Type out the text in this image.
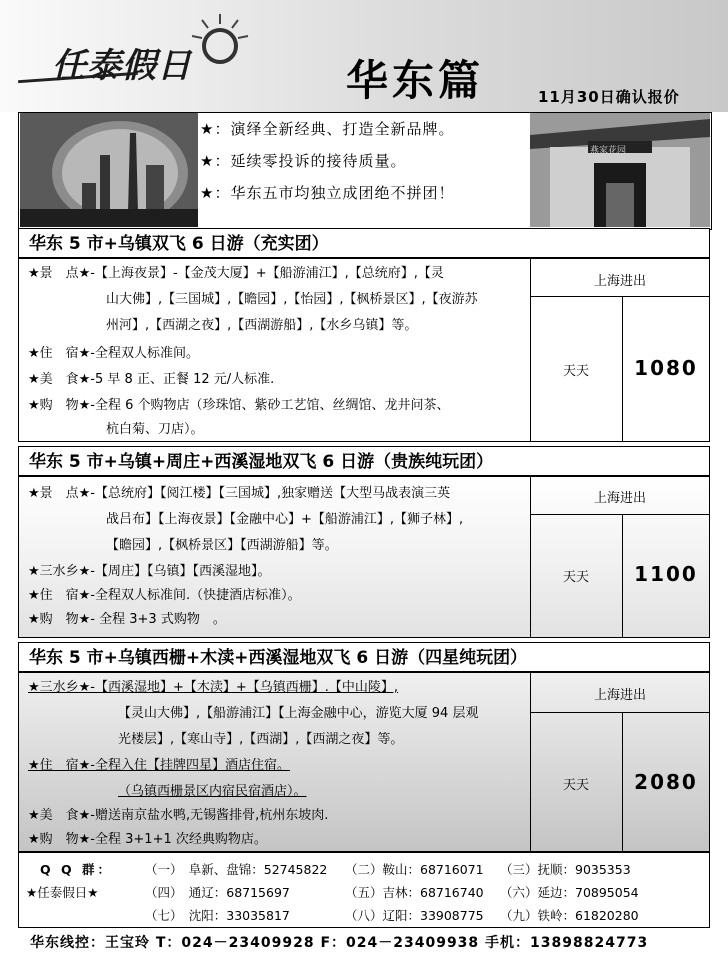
任泰假日	华东篇	11月30日确认报价
燕家花园
★：演绎全新经典、打造全新品牌。
★：延续零投诉的接待质量。
★：华东五市均独立成团绝不拼团！
华东 5 市+乌镇双飞 6 日游（充实团）
上海进出
天天	1080
★景　点★-【上海夜景】-【金茂大厦】+【船游浦江】,【总统府】,【灵
山大佛】,【三国城】,【瞻园】,【怡园】,【枫桥景区】,【夜游苏
州河】,【西湖之夜】,【西湖游船】,【水乡乌镇】等。
★住　宿★-全程双人标准间。
★美　食★-5 早 8 正、正餐 12 元/人标准.
★购　物★-全程 6 个购物店（珍珠馆、紫砂工艺馆、丝绸馆、龙井问茶、
杭白菊、刀店）。
华东 5 市+乌镇+周庄+西溪湿地双飞 6 日游（贵族纯玩团）
上海进出
天天	1100
★景　点★-【总统府】【阅江楼】【三国城】,独家赠送【大型马战表演三英
战吕布】【上海夜景】【金融中心】+【船游浦江】,【狮子林】,
【瞻园】,【枫桥景区】【西湖游船】等。
★三水乡★-【周庄】【乌镇】【西溪湿地】。
★住　宿★-全程双人标准间.（快捷酒店标准）。
★购　物★- 全程 3+3 式购物　。
华东 5 市+乌镇西栅+木渎+西溪湿地双飞 6 日游（四星纯玩团）
上海进出
天天	2080
★三水乡★-【西溪湿地】+【木渎】+【乌镇西栅】.【中山陵】,
【灵山大佛】,【船游浦江】【上海金融中心，游览大厦 94 层观
光楼层】,【寒山寺】,【西湖】,【西湖之夜】等。
★住　宿★-全程入住【挂牌四星】酒店住宿。
（乌镇西栅景区内宿民宿酒店）。
★美　食★-赠送南京盐水鸭,无锡酱排骨,杭州东坡肉.
★购　物★-全程 3+1+1 次经典购物店。
Q Q 群：
★任泰假日★
（一）　阜新、盘锦：52745822 （二）鞍山：68716071 （三）抚顺：9035353
（四）　通辽：68715697	（五）吉林：68716740 （六）延边：70895054
（七）　沈阳：33035817	（八）辽阳：33908775 （九）铁岭：61820280
华东线控：王宝玲 T：024－23409928 F：024－23409938 手机：13898824773
